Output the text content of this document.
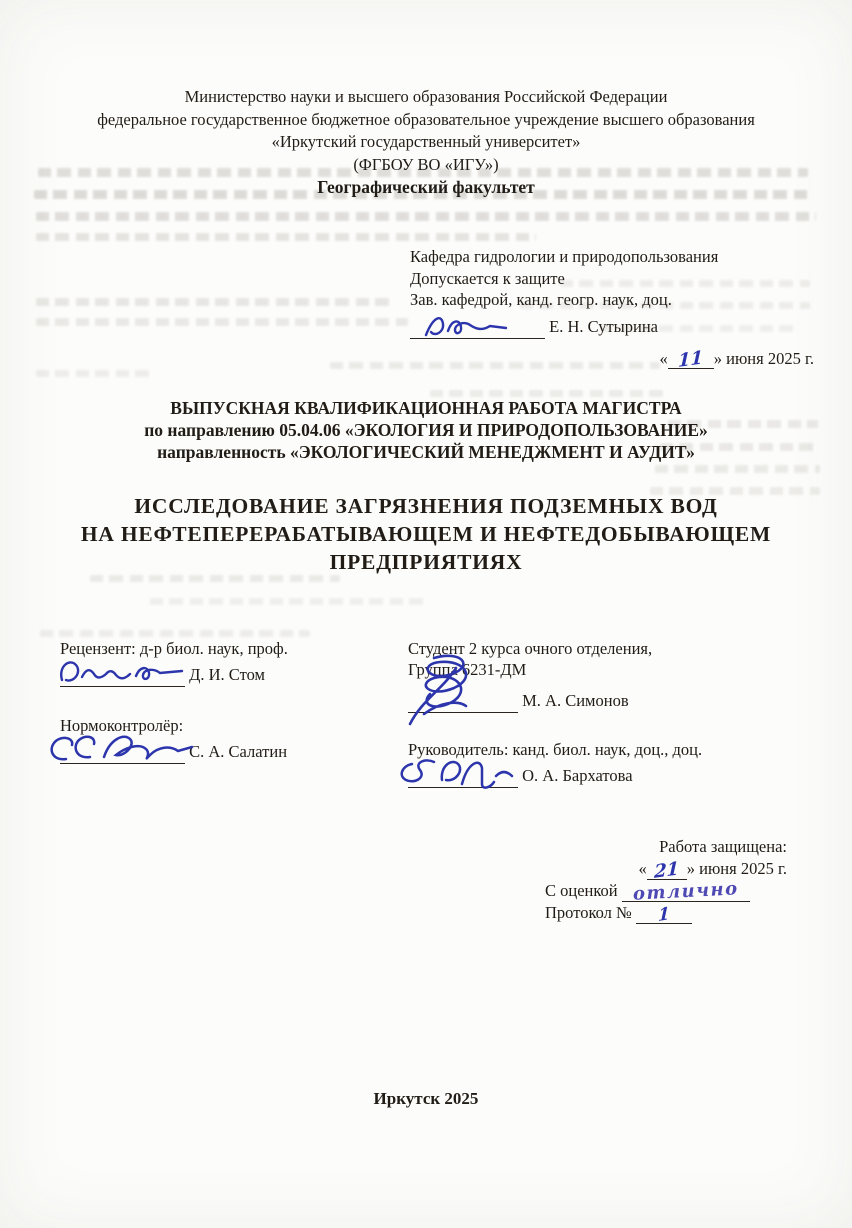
Министерство науки и высшего образования Российской Федерации
федеральное государственное бюджетное образовательное учреждение высшего образования
«Иркутский государственный университет»
(ФГБОУ ВО «ИГУ»)
Географический факультет
Кафедра гидрологии и природопользования
Допускается к защите
Зав. кафедрой, канд. геогр. наук, доц.
Е. Н. Сутырина
« 11 » июня 2025 г.
ВЫПУСКНАЯ КВАЛИФИКАЦИОННАЯ РАБОТА МАГИСТРА
по направлению 05.04.06 «ЭКОЛОГИЯ И ПРИРОДОПОЛЬЗОВАНИЕ»
направленность «ЭКОЛОГИЧЕСКИЙ МЕНЕДЖМЕНТ И АУДИТ»
ИССЛЕДОВАНИЕ ЗАГРЯЗНЕНИЯ ПОДЗЕМНЫХ ВОД
НА НЕФТЕПЕРЕРАБАТЫВАЮЩЕМ И НЕФТЕДОБЫВАЮЩЕМ
ПРЕДПРИЯТИЯХ
Рецензент: д-р биол. наук, проф.
Д. И. Стом
Нормоконтролёр:
С. А. Салатин
Студент 2 курса очного отделения,
Группа 6231-ДМ
М. А. Симонов
Руководитель: канд. биол. наук, доц., доц.
О. А. Бархатова
Работа защищена:
« 21 » июня 2025 г.
С оценкой отлично
Протокол № 1
Иркутск 2025
